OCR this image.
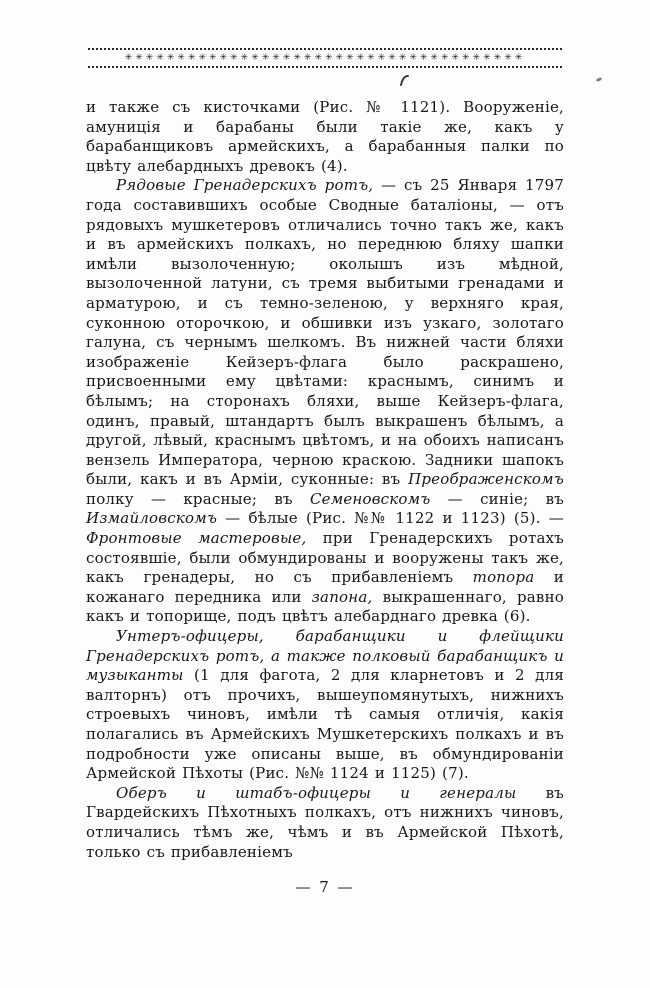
✳✳✳✳✳✳✳✳✳✳✳✳✳✳✳✳✳✳✳✳✳✳✳✳✳✳✳✳✳✳✳✳✳✳✳✳✳✳

и также съ кисточками (Рис. № 1121). Вооруженіе, амуниція и барабаны были такіе же, какъ у барабанщиковъ армейскихъ, а барабанныя палки по цвѣту алебардныхъ древокъ (4).

Рядовые Гренадерскихъ ротъ, — съ 25 Января 1797 года составившихъ особые Сводные баталіоны, — отъ рядовыхъ мушкетеровъ отличались точно такъ же, какъ и въ армейскихъ полкахъ, но переднюю бляху шапки имѣли вызолоченную; околышъ изъ мѣдной, вызолоченной латуни, съ тремя выбитыми гренадами и арматурою, и съ темно-зеленою, у верхняго края, суконною оторочкою, и обшивки изъ узкаго, золотаго галуна, съ чернымъ шелкомъ. Въ нижней части бляхи изображеніе Кейзеръ-флага было раскрашено, присвоенными ему цвѣтами: краснымъ, синимъ и бѣлымъ; на сторонахъ бляхи, выше Кейзеръ-флага, одинъ, правый, штандартъ былъ выкрашенъ бѣлымъ, а другой, лѣвый, краснымъ цвѣтомъ, и на обоихъ написанъ вензель Императора, черною краскою. Задники шапокъ были, какъ и въ Арміи, суконные: въ Преображенскомъ полку — красные; въ Семеновскомъ — синіе; въ Измайловскомъ — бѣлые (Рис. №№ 1122 и 1123) (5). — Фронтовые мастеровые, при Гренадерскихъ ротахъ состоявшіе, были обмундированы и вооружены такъ же, какъ гренадеры, но съ прибавленіемъ топора и кожанаго передника или запона, выкрашеннаго, равно какъ и топорище, подъ цвѣтъ алебарднаго древка (6).

Унтеръ-офицеры, барабанщики и флейщики Гренадерскихъ ротъ, а также полковый барабанщикъ и музыканты (1 для фагота, 2 для кларнетовъ и 2 для валторнъ) отъ прочихъ, вышеупомянутыхъ, нижнихъ строевыхъ чиновъ, имѣли тѣ самыя отличія, какія полагались въ Армейскихъ Мушкетерскихъ полкахъ и въ подробности уже описаны выше, въ обмундированіи Армейской Пѣхоты (Рис. №№ 1124 и 1125) (7).

Оберъ и штабъ-офицеры и генералы въ Гвардейскихъ Пѣхотныхъ полкахъ, отъ нижнихъ чиновъ, отличались тѣмъ же, чѣмъ и въ Армейской Пѣхотѣ, только съ прибавленіемъ

— 7 —
